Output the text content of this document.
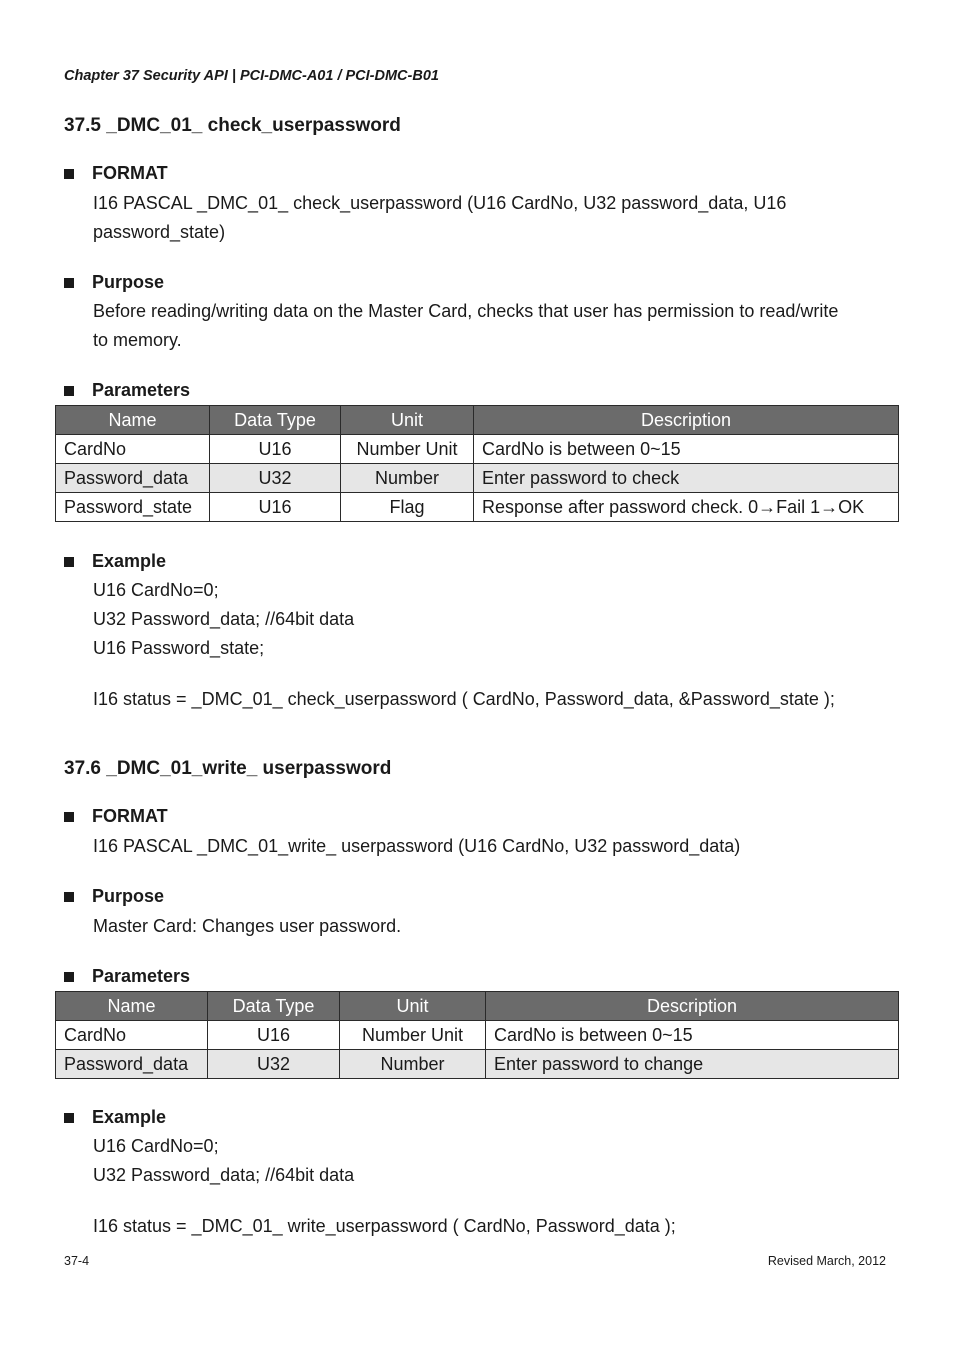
Chapter 37 Security API | PCI-DMC-A01 / PCI-DMC-B01
37.5 _DMC_01_ check_userpassword
FORMAT
I16 PASCAL _DMC_01_ check_userpassword (U16 CardNo, U32 password_data, U16
password_state)
Purpose
Before reading/writing data on the Master Card, checks that user has permission to read/write
to memory.
Parameters
Name	Data Type	Unit	Description
CardNo	U16	Number Unit	CardNo is between 0~15
Password_data	U32	Number	Enter password to check
Password_state	U16	Flag	Response after password check. 0→Fail 1→OK
Example
U16 CardNo=0;
U32 Password_data; //64bit data
U16 Password_state;
I16 status = _DMC_01_ check_userpassword ( CardNo, Password_data, &Password_state );
37.6 _DMC_01_write_ userpassword
FORMAT
I16 PASCAL _DMC_01_write_ userpassword (U16 CardNo, U32 password_data)
Purpose
Master Card: Changes user password.
Parameters
Name	Data Type	Unit	Description
CardNo	U16	Number Unit	CardNo is between 0~15
Password_data	U32	Number	Enter password to change
Example
U16 CardNo=0;
U32 Password_data; //64bit data
I16 status = _DMC_01_ write_userpassword ( CardNo, Password_data );
37-4	Revised March, 2012
